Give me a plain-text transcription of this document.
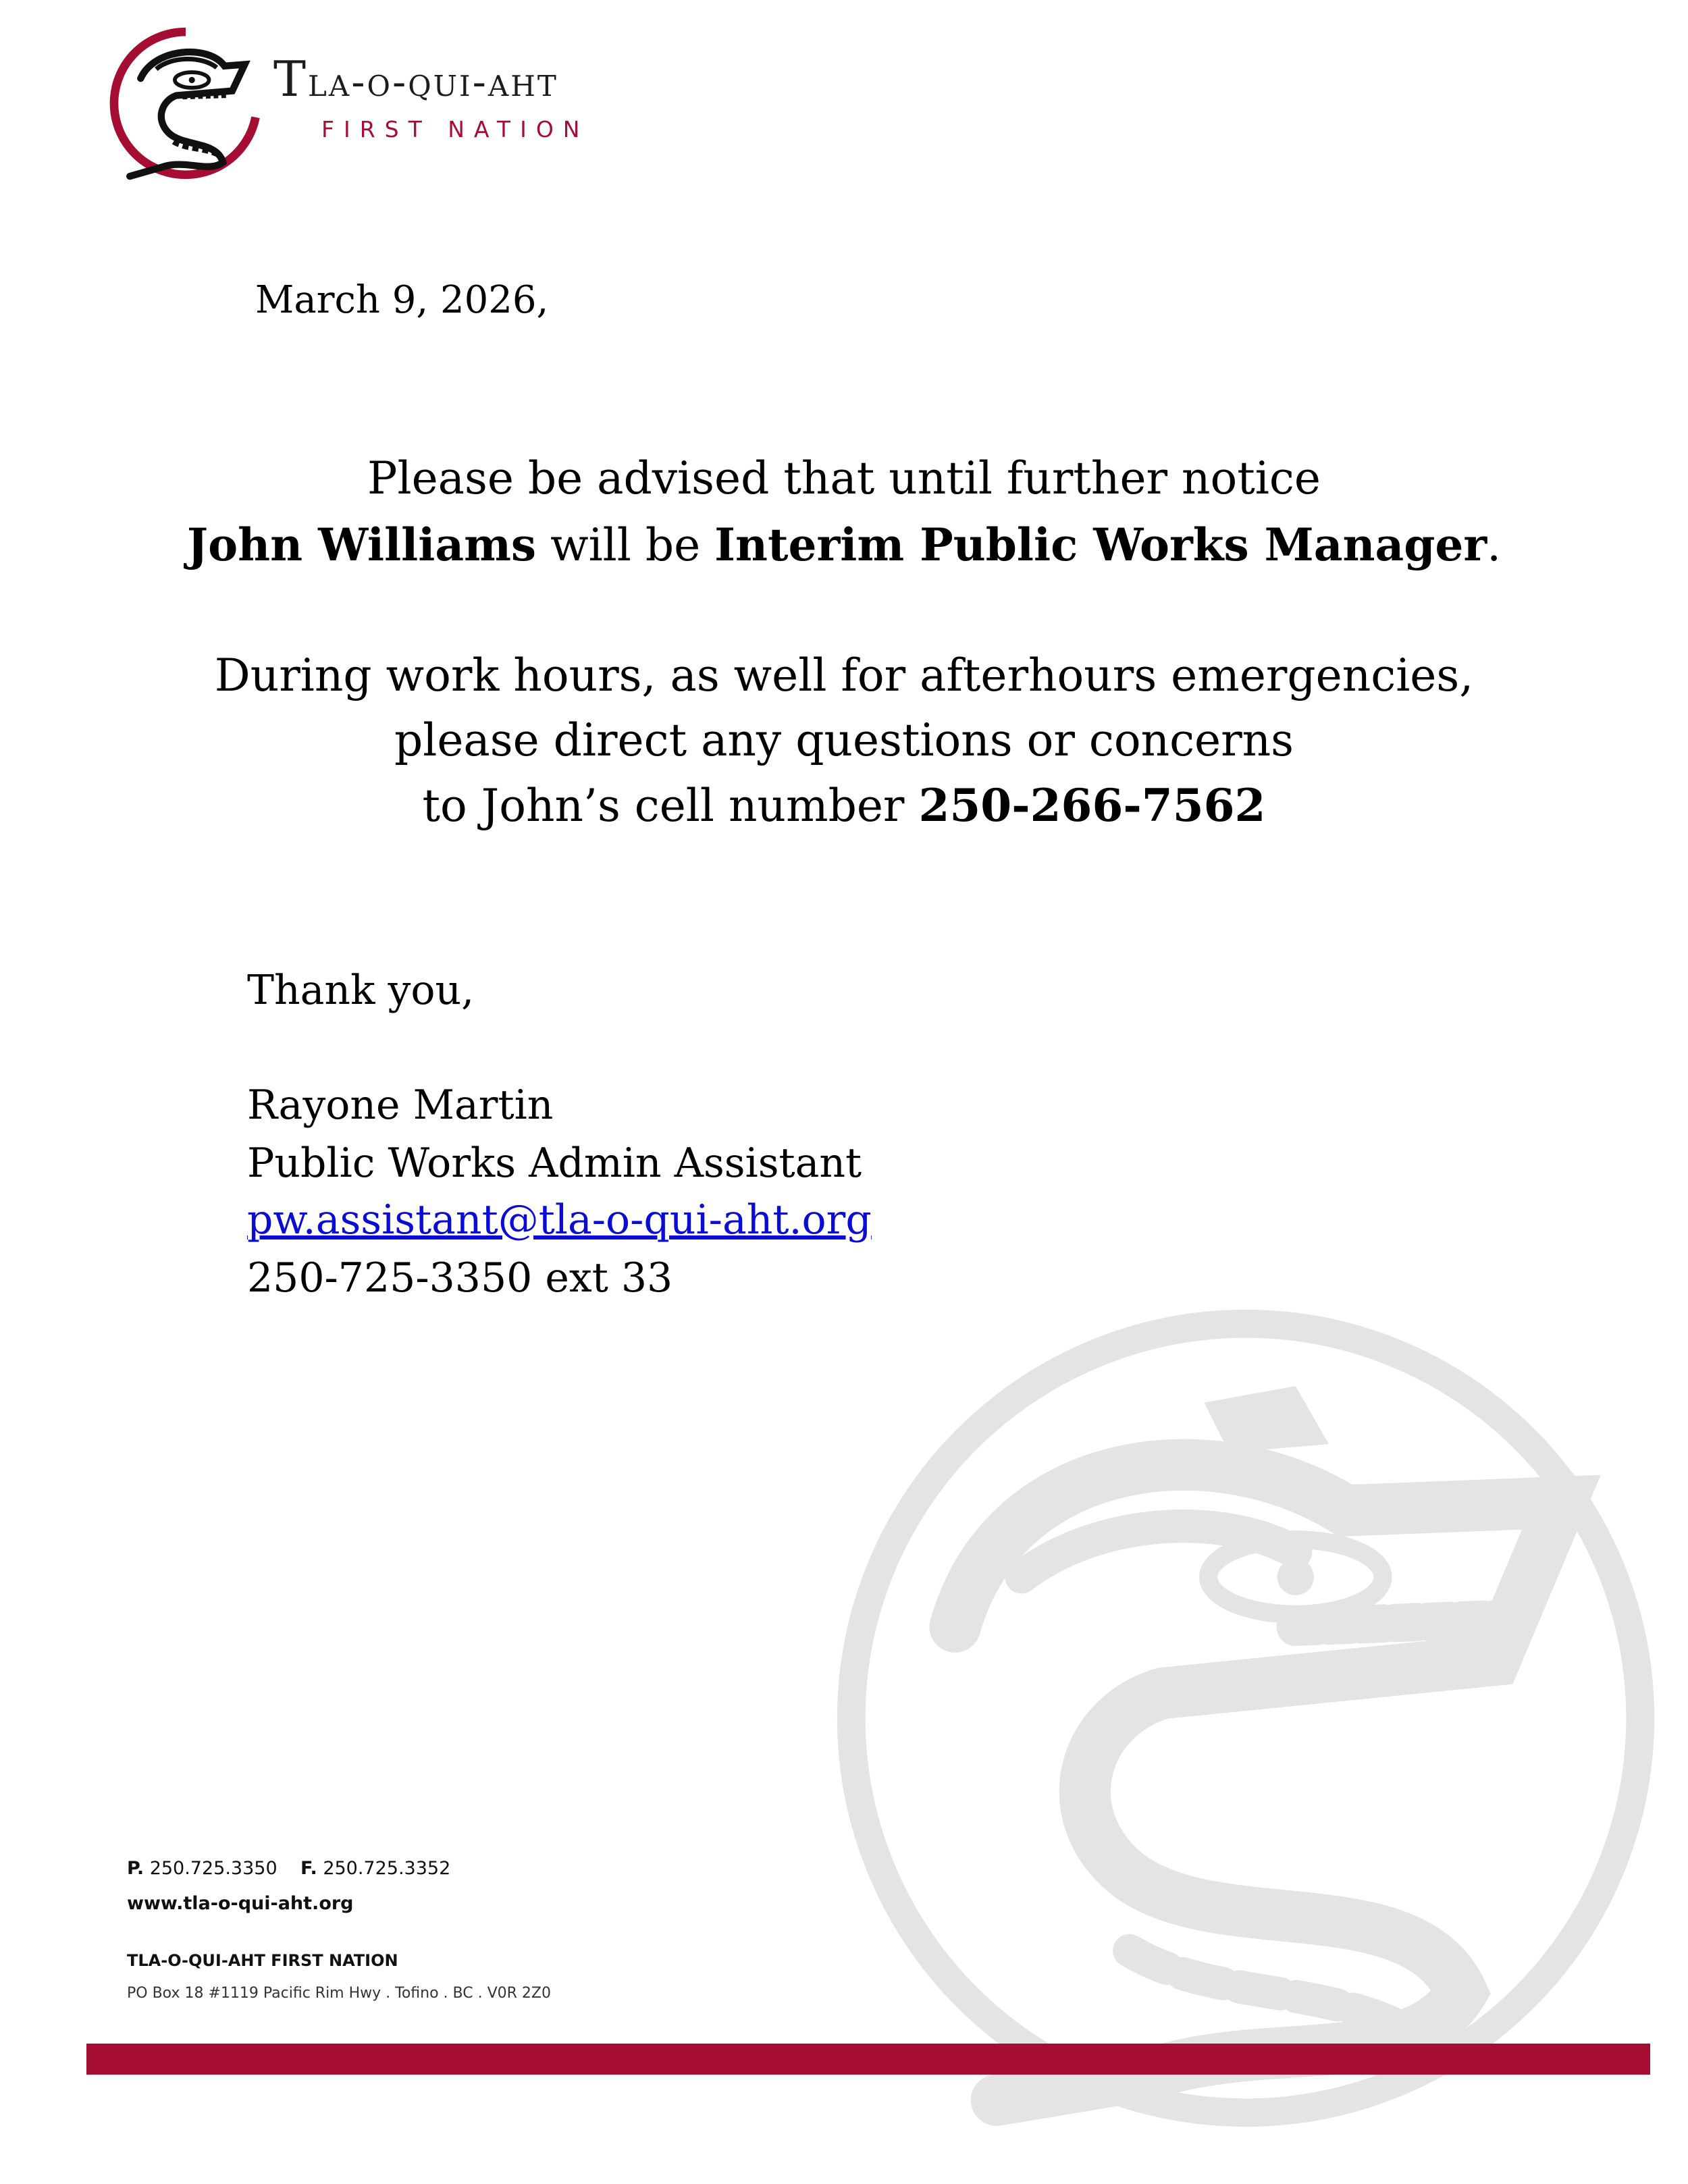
Tla-o-qui-aht
FIRST NATION
March 9, 2026,
Please be advised that until further notice
John Williams will be Interim Public Works Manager.
During work hours, as well for afterhours emergencies,
please direct any questions or concerns
to John’s cell number 250-266-7562
Thank you,
Rayone Martin
Public Works Admin Assistant
pw.assistant@tla-o-qui-aht.org
250-725-3350 ext 33
P. 250.725.3350 F. 250.725.3352
www.tla-o-qui-aht.org
TLA-O-QUI-AHT FIRST NATION
PO Box 18 #1119 Pacific Rim Hwy . Tofino . BC . V0R 2Z0
